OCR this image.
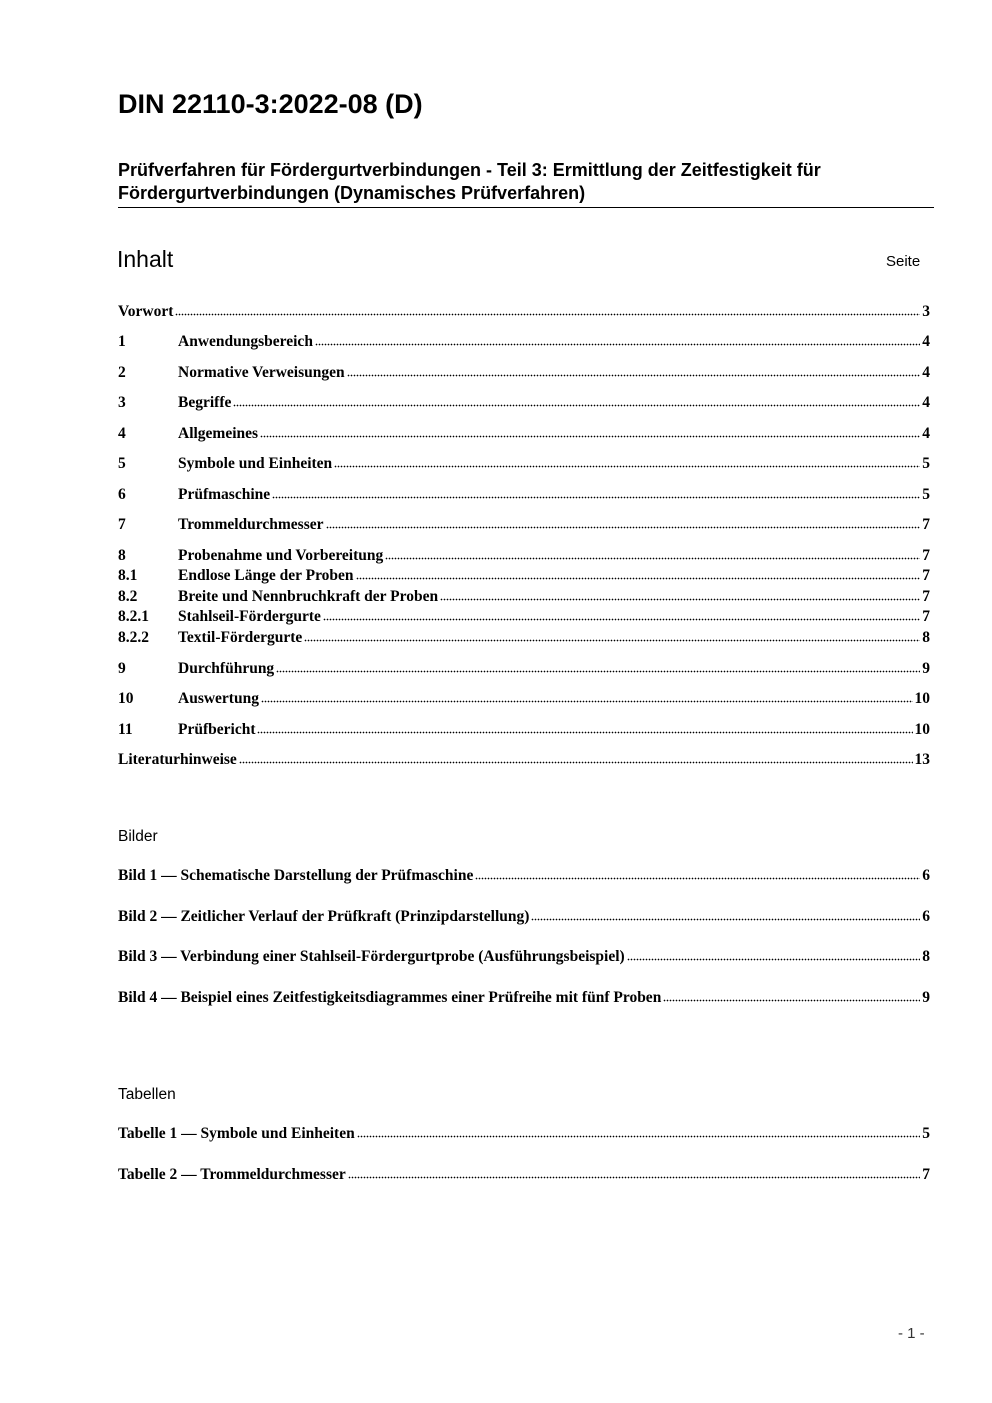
DIN 22110-3:2022-08 (D)
Prüfverfahren für Fördergurtverbindungen - Teil 3: Ermittlung der Zeitfestigkeit für Fördergurtverbindungen (Dynamisches Prüfverfahren)
Inhalt	Seite
Vorwort	3
1	Anwendungsbereich	4
2	Normative Verweisungen	4
3	Begriffe	4
4	Allgemeines	4
5	Symbole und Einheiten	5
6	Prüfmaschine	5
7	Trommeldurchmesser	7
8	Probenahme und Vorbereitung	7
8.1	Endlose Länge der Proben	7
8.2	Breite und Nennbruchkraft der Proben	7
8.2.1	Stahlseil-Fördergurte	7
8.2.2	Textil-Fördergurte	8
9	Durchführung	9
10	Auswertung	10
11	Prüfbericht	10
Literaturhinweise	13
Bilder
Bild 1 — Schematische Darstellung der Prüfmaschine	6
Bild 2 — Zeitlicher Verlauf der Prüfkraft (Prinzipdarstellung)	6
Bild 3 — Verbindung einer Stahlseil-Fördergurtprobe (Ausführungsbeispiel)	8
Bild 4 — Beispiel eines Zeitfestigkeitsdiagrammes einer Prüfreihe mit fünf Proben	9
Tabellen
Tabelle 1 — Symbole und Einheiten	5
Tabelle 2 — Trommeldurchmesser	7
- 1 -
